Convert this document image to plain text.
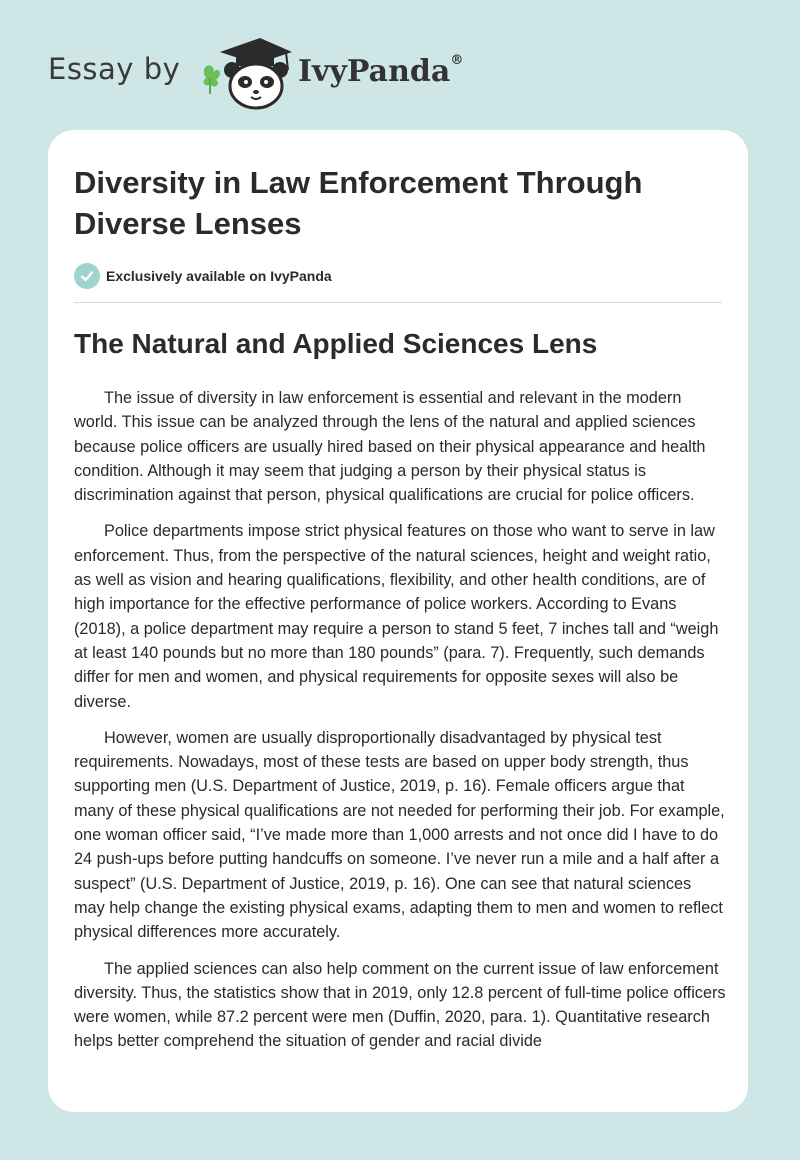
Essay by	IvyPanda®
Diversity in Law Enforcement Through Diverse Lenses
Exclusively available on IvyPanda
The Natural and Applied Sciences Lens

The issue of diversity in law enforcement is essential and relevant in the modern world. This issue can be analyzed through the lens of the natural and applied sciences because police officers are usually hired based on their physical appearance and health condition. Although it may seem that judging a person by their physical status is discrimination against that person, physical qualifications are crucial for police officers.

Police departments impose strict physical features on those who want to serve in law enforcement. Thus, from the perspective of the natural sciences, height and weight ratio, as well as vision and hearing qualifications, flexibility, and other health conditions, are of high importance for the effective performance of police workers. According to Evans (2018), a police department may require a person to stand 5 feet, 7 inches tall and “weigh at least 140 pounds but no more than 180 pounds” (para. 7). Frequently, such demands differ for men and women, and physical requirements for opposite sexes will also be diverse.

However, women are usually disproportionally disadvantaged by physical test requirements. Nowadays, most of these tests are based on upper body strength, thus supporting men (U.S. Department of Justice, 2019, p. 16). Female officers argue that many of these physical qualifications are not needed for performing their job. For example, one woman officer said, “I’ve made more than 1,000 arrests and not once did I have to do 24 push-ups before putting handcuffs on someone. I’ve never run a mile and a half after a suspect” (U.S. Department of Justice, 2019, p. 16). One can see that natural sciences may help change the existing physical exams, adapting them to men and women to reflect physical differences more accurately.

The applied sciences can also help comment on the current issue of law enforcement diversity. Thus, the statistics show that in 2019, only 12.8 percent of full-time police officers were women, while 87.2 percent were men (Duffin, 2020, para. 1). Quantitative research helps better comprehend the situation of gender and racial divide
